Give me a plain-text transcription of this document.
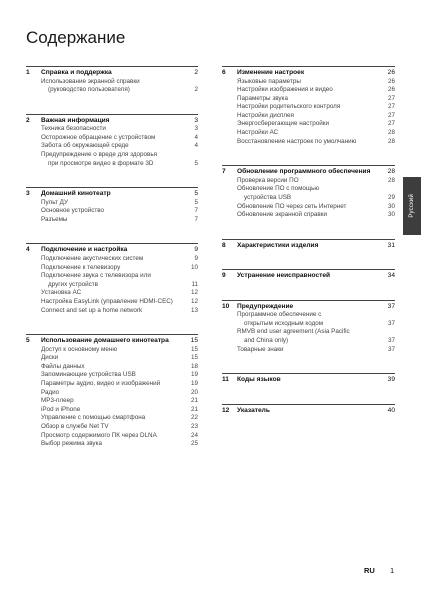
Содержание
1	Справка и поддержка	2
Использование экранной справки
(руководство пользователя)	2
2	Важная информация	3
Техника безопасности	3
Осторожное обращение с устройством	4
Забота об окружающей среде	4
Предупреждение о вреде для здоровья
при просмотре видео в формате 3D	5
3	Домашний кинотеатр	5
Пульт ДУ	5
Основное устройство	7
Разъемы	7
4	Подключение и настройка	9
Подключение акустических систем	9
Подключение к телевизору	10
Подключение звука с телевизора или
других устройств	11
Установка АС	12
Настройка EasyLink (управление HDMI-CEC)	12
Connect and set up a home network	13
5	Использование домашнего кинотеатра	15
Доступ к основному меню	15
Диски	15
Файлы данных	18
Запоминающие устройства USB	19
Параметры аудио, видео и изображений	19
Радио	20
MP3-плеер	21
iPod и iPhone	21
Управление с помощью смартфона	22
Обзор в службе Net TV	23
Просмотр содержимого ПК через DLNA	24
Выбор режима звука	25
6	Изменение настроек	26
Языковые параметры	26
Настройки изображения и видео	26
Параметры звука	27
Настройки родительского контроля	27
Настройки дисплея	27
Энергосберегающие настройки	27
Настройки АС	28
Восстановление настроек по умолчанию	28
7	Обновление программного обеспечения	28
Проверка версии ПО	28
Обновление ПО с помощью
устройства USB	29
Обновление ПО через сеть Интернет	30
Обновление экранной справки	30
8	Характеристики изделия	31
9	Устранение неисправностей	34
10	Предупреждение	37
Программное обеспечение с
открытым исходным кодом	37
RMVB end user agreement (Asia Pacific
and China only)	37
Товарные знаки	37
11	Коды языков	39
12	Указатель	40
Русский
RU 1
